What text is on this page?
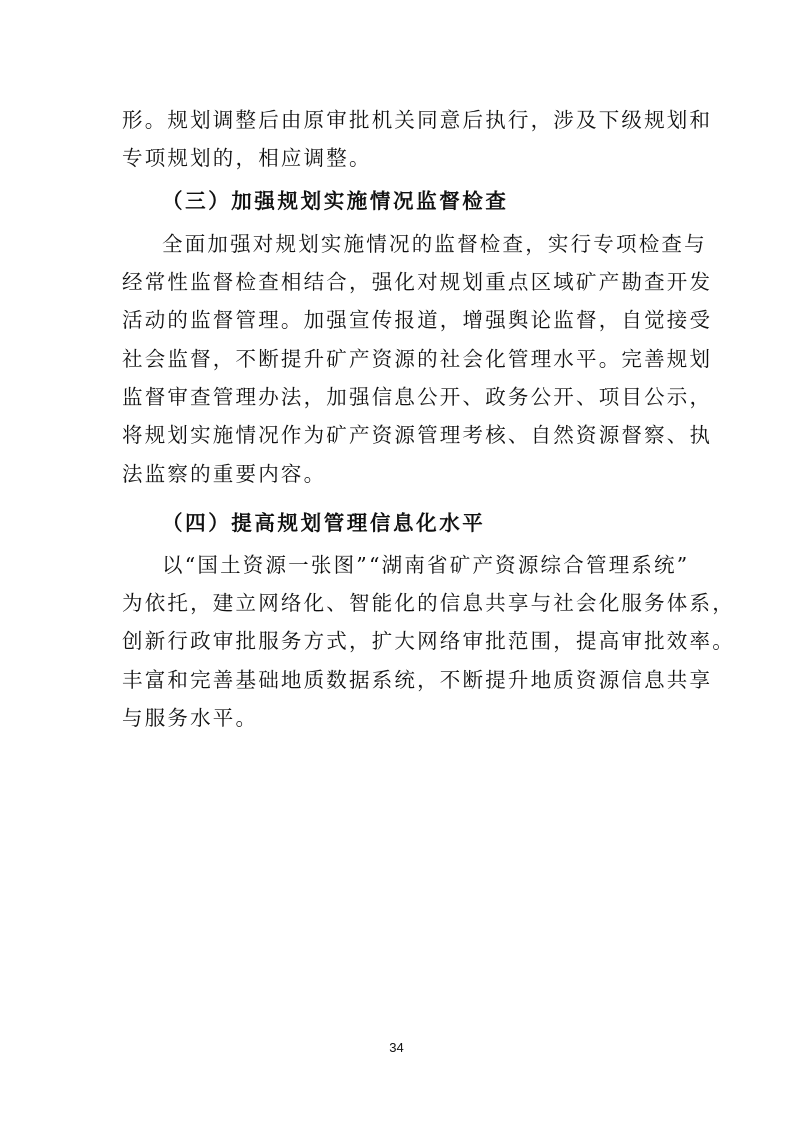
形。规划调整后由原审批机关同意后执行，涉及下级规划和
专项规划的，相应调整。
（三）加强规划实施情况监督检查
全面加强对规划实施情况的监督检查，实行专项检查与
经常性监督检查相结合，强化对规划重点区域矿产勘查开发
活动的监督管理。加强宣传报道，增强舆论监督，自觉接受
社会监督，不断提升矿产资源的社会化管理水平。完善规划
监督审查管理办法，加强信息公开、政务公开、项目公示，
将规划实施情况作为矿产资源管理考核、自然资源督察、执
法监察的重要内容。
（四）提高规划管理信息化水平
以“国土资源一张图”“湖南省矿产资源综合管理系统”
为依托，建立网络化、智能化的信息共享与社会化服务体系，
创新行政审批服务方式，扩大网络审批范围，提高审批效率。
丰富和完善基础地质数据系统，不断提升地质资源信息共享
与服务水平。
34
